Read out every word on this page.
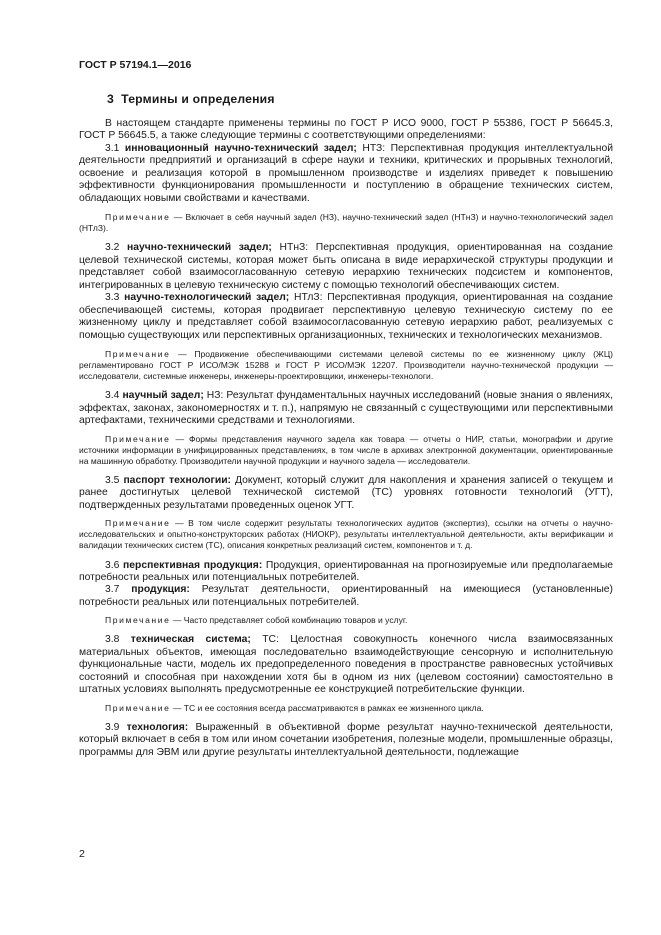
ГОСТ Р 57194.1—2016
3 Термины и определения

В настоящем стандарте применены термины по ГОСТ Р ИСО 9000, ГОСТ Р 55386, ГОСТ Р 56645.3, ГОСТ Р 56645.5, а также следующие термины с соответствующими определениями:

3.1 инновационный научно-технический задел; НТЗ: Перспективная продукция интеллектуальной деятельности предприятий и организаций в сфере науки и техники, критических и прорывных технологий, освоение и реализация которой в промышленном производстве и изделиях приведет к повышению эффективности функционирования промышленности и поступлению в обращение технических систем, обладающих новыми свойствами и качествами.

Примечание — Включает в себя научный задел (НЗ), научно-технический задел (НТнЗ) и научно-технологический задел (НТлЗ).

3.2 научно-технический задел; НТнЗ: Перспективная продукция, ориентированная на создание целевой технической системы, которая может быть описана в виде иерархической структуры продукции и представляет собой взаимосогласованную сетевую иерархию технических подсистем и компонентов, интегрированных в целевую техническую систему с помощью технологий обеспечивающих систем.

3.3 научно-технологический задел; НТлЗ: Перспективная продукция, ориентированная на создание обеспечивающей системы, которая продвигает перспективную целевую техническую систему по ее жизненному циклу и представляет собой взаимосогласованную сетевую иерархию работ, реализуемых с помощью существующих или перспективных организационных, технических и технологических механизмов.

Примечание — Продвижение обеспечивающими системами целевой системы по ее жизненному циклу (ЖЦ) регламентировано ГОСТ Р ИСО/МЭК 15288 и ГОСТ Р ИСО/МЭК 12207. Производители научно-технической продукции — исследователи, системные инженеры, инженеры-проектировщики, инженеры-технологи.

3.4 научный задел; НЗ: Результат фундаментальных научных исследований (новые знания о явлениях, эффектах, законах, закономерностях и т. п.), напрямую не связанный с существующими или перспективными артефактами, техническими средствами и технологиями.

Примечание — Формы представления научного задела как товара — отчеты о НИР, статьи, монографии и другие источники информации в унифицированных представлениях, в том числе в архивах электронной документации, ориентированные на машинную обработку. Производители научной продукции и научного задела — исследователи.

3.5 паспорт технологии: Документ, который служит для накопления и хранения записей о текущем и ранее достигнутых целевой технической системой (ТС) уровнях готовности технологий (УГТ), подтвержденных результатами проведенных оценок УГТ.

Примечание — В том числе содержит результаты технологических аудитов (экспертиз), ссылки на отчеты о научно-исследовательских и опытно-конструкторских работах (НИОКР), результаты интеллектуальной деятельности, акты верификации и валидации технических систем (ТС), описания конкретных реализаций систем, компонентов и т. д.

3.6 перспективная продукция: Продукция, ориентированная на прогнозируемые или предполагаемые потребности реальных или потенциальных потребителей.

3.7 продукция: Результат деятельности, ориентированный на имеющиеся (установленные) потребности реальных или потенциальных потребителей.

Примечание — Часто представляет собой комбинацию товаров и услуг.

3.8 техническая система; ТС: Целостная совокупность конечного числа взаимосвязанных материальных объектов, имеющая последовательно взаимодействующие сенсорную и исполнительную функциональные части, модель их предопределенного поведения в пространстве равновесных устойчивых состояний и способная при нахождении хотя бы в одном из них (целевом состоянии) самостоятельно в штатных условиях выполнять предусмотренные ее конструкцией потребительские функции.

Примечание — ТС и ее состояния всегда рассматриваются в рамках ее жизненного цикла.

3.9 технология: Выраженный в объективной форме результат научно-технической деятельности, который включает в себя в том или ином сочетании изобретения, полезные модели, промышленные образцы, программы для ЭВМ или другие результаты интеллектуальной деятельности, подлежащие

2
